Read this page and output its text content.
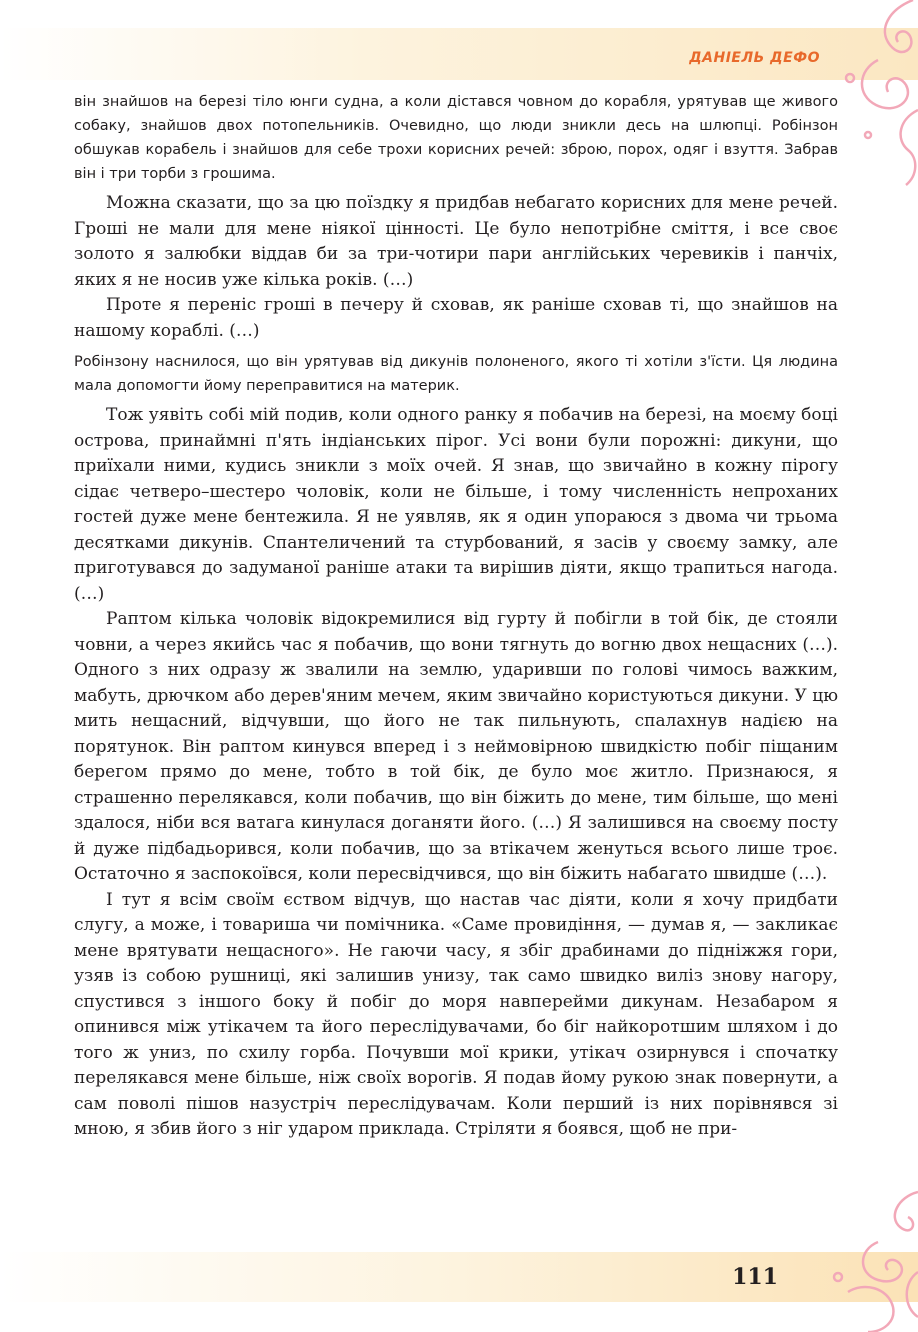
ДАНІЕЛЬ ДЕФО

він знайшов на березі тіло юнги судна, а коли дістався човном до корабля, урятував ще живого собаку, знайшов двох потопельників. Очевидно, що люди зникли десь на шлюпці. Робінзон обшукав корабель і знайшов для себе трохи корисних речей: зброю, порох, одяг і взуття. Забрав він і три торби з грошима.

Можна сказати, що за цю поїздку я придбав небагато корисних для мене речей. Гроші не мали для мене ніякої цінності. Це було непотрібне сміття, і все своє золото я залюбки віддав би за три-чотири пари англійських черевиків і панчіх, яких я не носив уже кілька років. (…)

Проте я переніс гроші в печеру й сховав, як раніше сховав ті, що знайшов на нашому кораблі. (…)

Робінзону наснилося, що він урятував від дикунів полоненого, якого ті хотіли з'їсти. Ця людина мала допомогти йому переправитися на материк.

Тож уявіть собі мій подив, коли одного ранку я побачив на березі, на моєму боці острова, принаймні п'ять індіанських пірог. Усі вони були порожні: дикуни, що приїхали ними, кудись зникли з моїх очей. Я знав, що звичайно в кожну пірогу сідає четверо–шестеро чоловік, коли не більше, і тому численність непроханих гостей дуже мене бентежила. Я не уявляв, як я один упораюся з двома чи трьома десятками дикунів. Спантеличений та стурбований, я засів у своєму замку, але приготувався до задуманої раніше атаки та вирішив діяти, якщо трапиться нагода. (…)

Раптом кілька чоловік відокремилися від гурту й побігли в той бік, де стояли човни, а через якийсь час я побачив, що вони тягнуть до вогню двох нещасних (…). Одного з них одразу ж звалили на землю, ударивши по голові чимось важким, мабуть, дрючком або дерев'яним мечем, яким звичайно користуються дикуни. У цю мить нещасний, відчувши, що його не так пильнують, спалахнув надією на порятунок. Він раптом кинувся вперед і з неймовірною швидкістю побіг піщаним берегом прямо до мене, тобто в той бік, де було моє житло. Признаюся, я страшенно перелякався, коли побачив, що він біжить до мене, тим більше, що мені здалося, ніби вся ватага кинулася доганяти його. (…) Я залишився на своєму посту й дуже підбадьорився, коли побачив, що за втікачем женуться всього лише троє. Остаточно я заспокоївся, коли пересвідчився, що він біжить набагато швидше (…).

І тут я всім своїм єством відчув, що настав час діяти, коли я хочу придбати слугу, а може, і товариша чи помічника. «Саме провидіння, — думав я, — закликає мене врятувати нещасного». Не гаючи часу, я збіг драбинами до підніжжя гори, узяв із собою рушниці, які залишив унизу, так само швидко виліз знову нагору, спустився з іншого боку й побіг до моря навперейми дикунам. Незабаром я опинився між утікачем та його переслідувачами, бо біг найкоротшим шляхом і до того ж униз, по схилу горба. Почувши мої крики, утікач озирнувся і спочатку перелякався мене більше, ніж своїх ворогів. Я подав йому рукою знак повернути, а сам поволі пішов назустріч переслідувачам. Коли перший із них порівнявся зі мною, я збив його з ніг ударом приклада. Стріляти я боявся, щоб не при-

111
